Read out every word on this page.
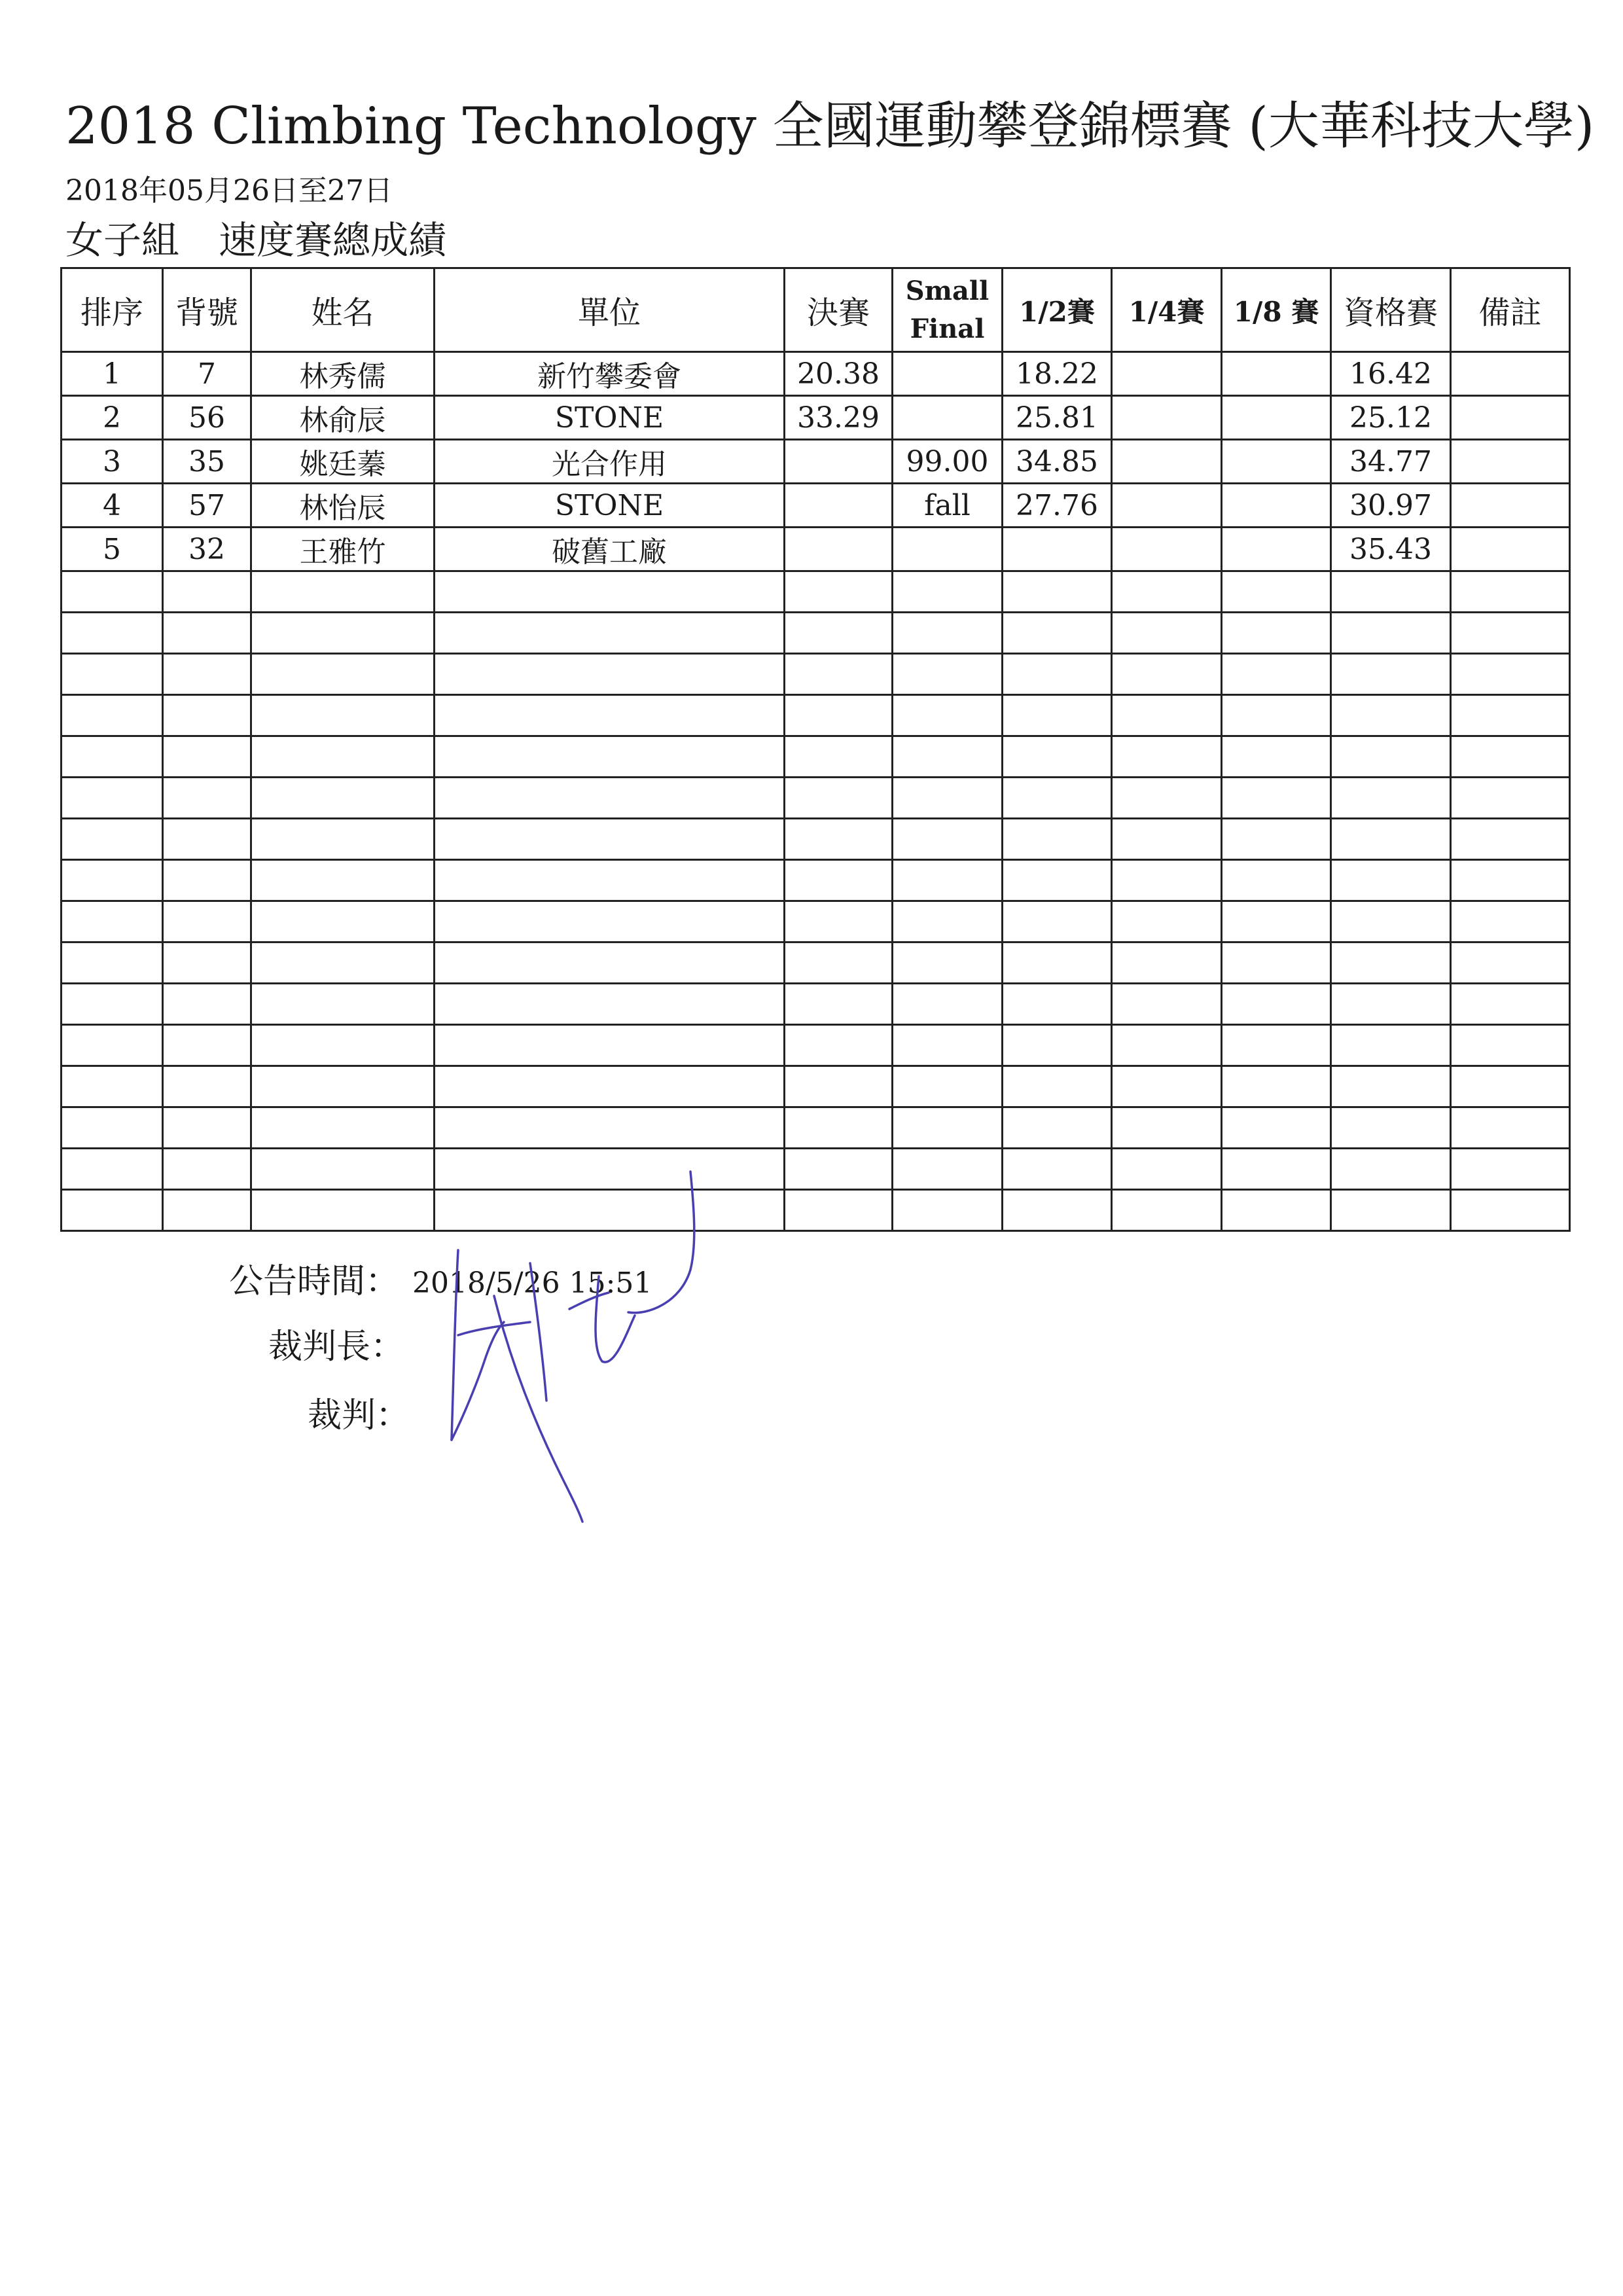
2018 Climbing Technology 全國運動攀登錦標賽 (大華科技大學)
2018年05月26日至27日
女子組 速度賽總成績
排序	背號	姓名	單位	決賽	Small Final	1/2賽	1/4賽	1/8 賽	資格賽	備註
1	7	林秀儒	新竹攀委會	20.38		18.22			16.42	
2	56	林俞辰	STONE	33.29		25.81			25.12	
3	35	姚廷蓁	光合作用		99.00	34.85			34.77	
4	57	林怡辰	STONE		fall	27.76			30.97	
5	32	王雅竹	破舊工廠						35.43	

公告時間： 2018/5/26 15:51
裁判長：
裁判：
